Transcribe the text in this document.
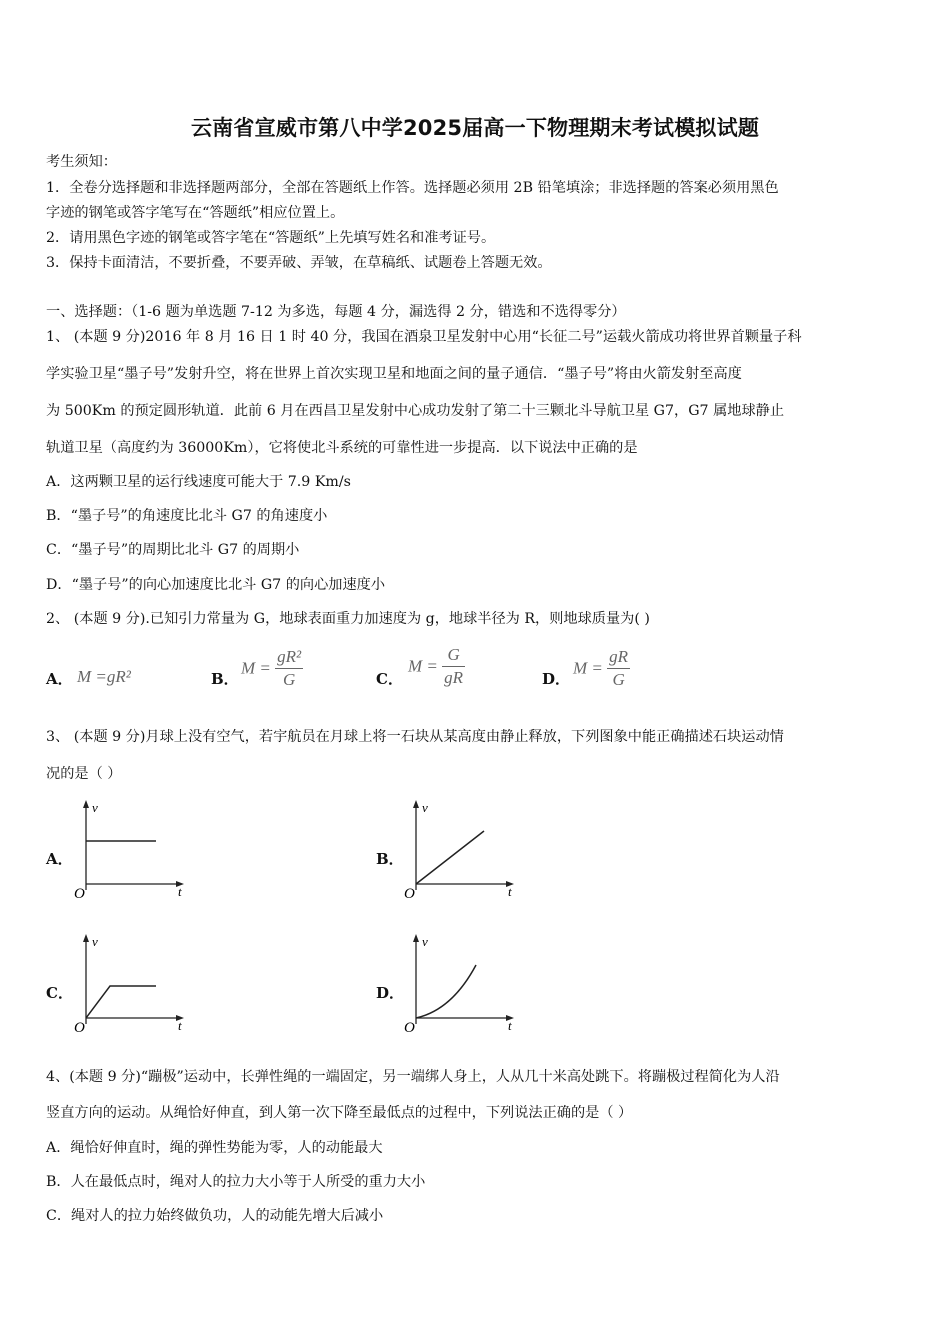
云南省宣威市第八中学2025届高一下物理期末考试模拟试题
考生须知：
1．全卷分选择题和非选择题两部分，全部在答题纸上作答。选择题必须用 2B 铅笔填涂；非选择题的答案必须用黑色
字迹的钢笔或答字笔写在“答题纸”相应位置上。
2．请用黑色字迹的钢笔或答字笔在“答题纸”上先填写姓名和准考证号。
3．保持卡面清洁，不要折叠，不要弄破、弄皱，在草稿纸、试题卷上答题无效。
一、选择题：（1-6 题为单选题 7-12 为多选，每题 4 分，漏选得 2 分，错选和不选得零分）
1、 (本题 9 分)2016 年 8 月 16 日 1 时 40 分，我国在酒泉卫星发射中心用“长征二号”运载火箭成功将世界首颗量子科
学实验卫星“墨子号”发射升空，将在世界上首次实现卫星和地面之间的量子通信．“墨子号”将由火箭发射至高度
为 500Km 的预定圆形轨道．此前 6 月在西昌卫星发射中心成功发射了第二十三颗北斗导航卫星 G7，G7 属地球静止
轨道卫星（高度约为 36000Km），它将使北斗系统的可靠性进一步提高．以下说法中正确的是
A．这两颗卫星的运行线速度可能大于 7.9 Km/s
B．“墨子号”的角速度比北斗 G7 的角速度小
C．“墨子号”的周期比北斗 G7 的周期小
D．“墨子号”的向心加速度比北斗 G7 的向心加速度小
2、 (本题 9 分).已知引力常量为 G，地球表面重力加速度为 g，地球半径为 R，则地球质量为( )
A． M =gR²	B．
$M = \frac{\text{gR²}}{G}$	C．
$M = \frac{G}{gR}$	D．
$M = \frac{gR}{G}$
3、 (本题 9 分)月球上没有空气，若宇航员在月球上将一石块从某高度由静止释放，下列图象中能正确描述石块运动情
况的是（ ）
A．
v
t
O
B．
v
t
O
C．
v
t
O
D．
v
t
O
4、(本题 9 分)“蹦极”运动中，长弹性绳的一端固定，另一端绑人身上，人从几十米高处跳下。将蹦极过程简化为人沿
竖直方向的运动。从绳恰好伸直，到人第一次下降至最低点的过程中，下列说法正确的是（ ）
A．绳恰好伸直时，绳的弹性势能为零，人的动能最大
B．人在最低点时，绳对人的拉力大小等于人所受的重力大小
C．绳对人的拉力始终做负功，人的动能先增大后减小
